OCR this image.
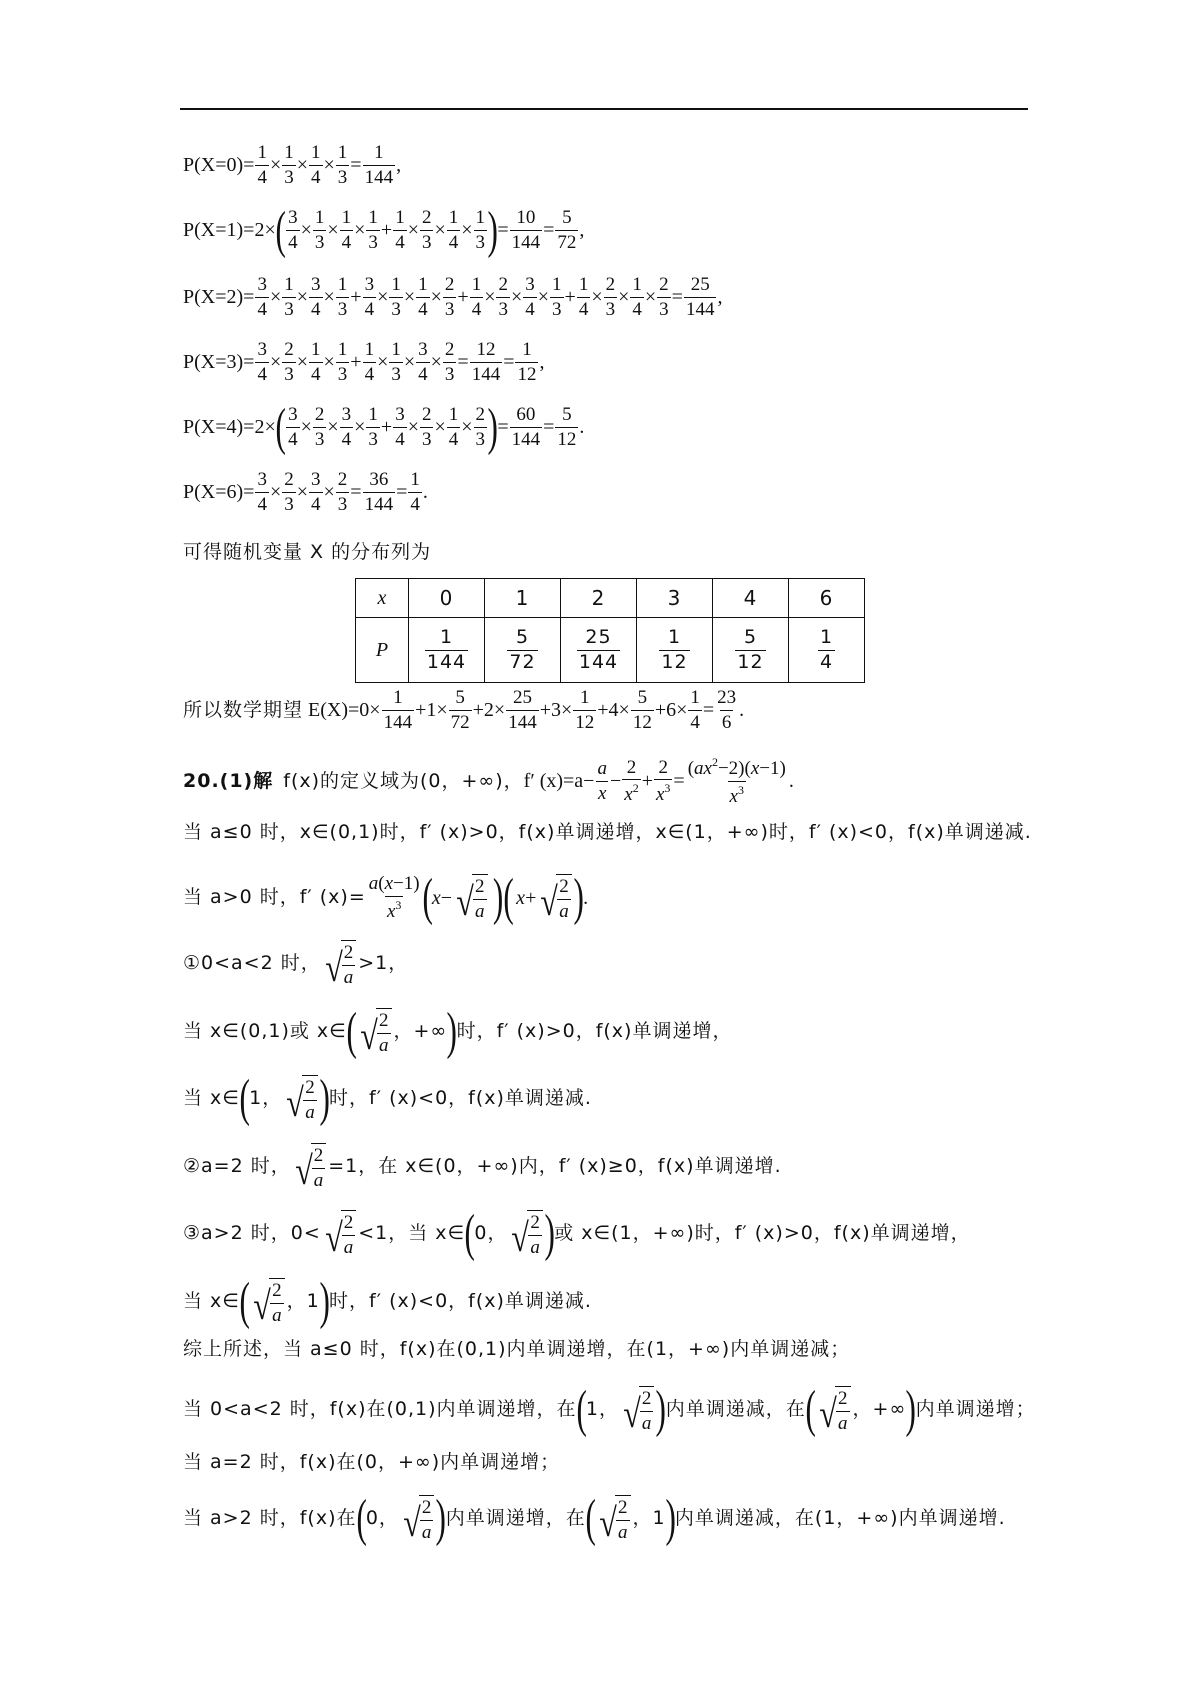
$P(X=0)= \frac{1}{4} \times \frac{1}{3} \times \frac{1}{4} \times \frac{1}{3} = \frac{1}{144}$ ,
P(X=1)=2× ( $\frac{3}{4} \times \frac{1}{3} \times \frac{1}{4} \times \frac{1}{3} + \frac{1}{4} \times \frac{2}{3} \times \frac{1}{4} \times \frac{1}{3}$ ) = $\frac{10}{144} = \frac{5}{72}$ ,
$P(X=2)= \frac{3}{4} \times \frac{1}{3} \times \frac{3}{4} \times \frac{1}{3} + \frac{3}{4} \times \frac{1}{3} \times \frac{1}{4} \times \frac{2}{3} + \frac{1}{4} \times \frac{2}{3} \times \frac{3}{4} \times \frac{1}{3} + \frac{1}{4} \times \frac{2}{3} \times \frac{1}{4} \times \frac{2}{3} = \frac{25}{144}$ ,
$P(X=3)= \frac{3}{4} \times \frac{2}{3} \times \frac{1}{4} \times \frac{1}{3} + \frac{1}{4} \times \frac{1}{3} \times \frac{3}{4} \times \frac{2}{3} = \frac{12}{144} = \frac{1}{12}$ ,
P(X=4)=2× ( $\frac{3}{4} \times \frac{2}{3} \times \frac{3}{4} \times \frac{1}{3} + \frac{3}{4} \times \frac{2}{3} \times \frac{1}{4} \times \frac{2}{3}$ ) = $\frac{60}{144} = \frac{5}{12}$ .
$P(X=6)= \frac{3}{4} \times \frac{2}{3} \times \frac{3}{4} \times \frac{2}{3} = \frac{36}{144} = \frac{1}{4}$ .
可得随机变量 X 的分布列为
x	0	1	2	3	4	6
P	$\frac{1}{144}$	$\frac{5}{72}$	$\frac{25}{144}$	$\frac{1}{12}$	$\frac{5}{12}$	$\frac{1}{4}$
所以数学期望
$E(X)=0\times \frac{1}{144} +1\times \frac{5}{72} +2\times \frac{25}{144} +3\times \frac{1}{12} +4\times \frac{5}{12} +6\times \frac{1}{4} = \frac{23}{6}$ .
20.(1)解
f(x)的定义域为(0，+∞)， f′ $(x)=a- \frac{a}{x} - \frac{2}{x^2} + \frac{2}{x^3} = \frac{(ax^2-2)(x-1)}{x^3}$ .
当 a≤0 时，x∈(0,1)时，f′ (x)>0，f(x)单调递增，x∈(1，+∞)时，f′ (x)<0，f(x)单调递减.
当 a>0 时，f′ $(x)= \frac{a(x-1)}{x^3}$ ( x − √ $\frac{2}{a}$ )( x + √ $\frac{2}{a}$ ) .
①0<a<2 时， √ $\frac{2}{a} >1$，
当 x∈(0,1)或 x∈ ( √ $\frac{2}{a}$ ，+∞ ) 时，f′ (x)>0，f(x)单调递增，
当 x∈ ( 1， √ $\frac{2}{a}$ ) 时，f′ (x)<0，f(x)单调递减.
②a=2 时， √ $\frac{2}{a} =1$，在 x∈(0，+∞)内，f′ (x)≥0，f(x)单调递增.
③a>2 时，0< √ $\frac{2}{a} <1$，当 x∈ ( 0， √ $\frac{2}{a}$ ) 或 x∈(1，+∞)时，f′ (x)>0，f(x)单调递增，
当 x∈ ( √ $\frac{2}{a}$ ，1 ) 时，f′ (x)<0，f(x)单调递减.
综上所述，当 a≤0 时，f(x)在(0,1)内单调递增，在(1，+∞)内单调递减；
当 0<a<2 时，f(x)在(0,1)内单调递增，在 ( 1， √ $\frac{2}{a}$ ) 内单调递减，在 ( √ $\frac{2}{a}$ ，+∞ ) 内单调递增；
当 a=2 时，f(x)在(0，+∞)内单调递增；
当 a>2 时，f(x)在 ( 0， √ $\frac{2}{a}$ ) 内单调递增，在 ( √ $\frac{2}{a}$ ，1 ) 内单调递减，在(1，+∞)内单调递增.
